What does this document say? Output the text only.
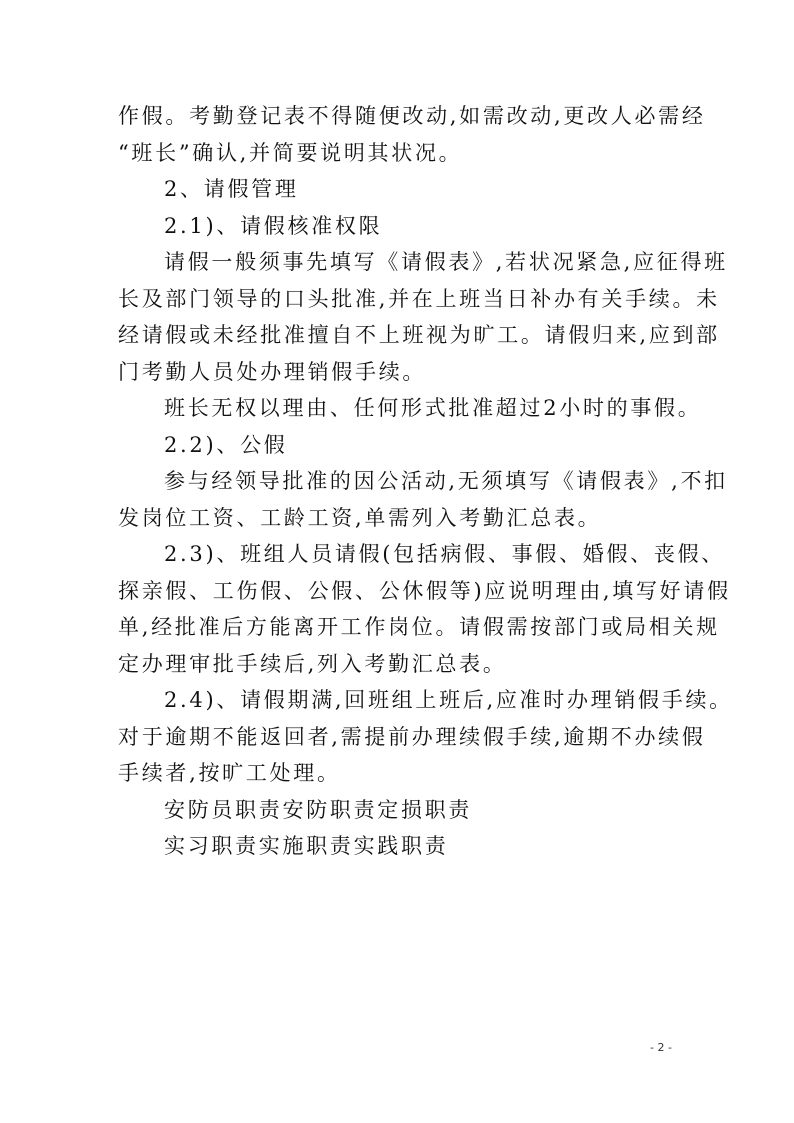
作假。考勤登记表不得随便改动,如需改动,更改人必需经

“班长”确认,并简要说明其状况。

2、请假管理

2.1)、请假核准权限

请假一般须事先填写《请假表》,若状况紧急,应征得班

长及部门领导的口头批准,并在上班当日补办有关手续。未

经请假或未经批准擅自不上班视为旷工。请假归来,应到部

门考勤人员处办理销假手续。

班长无权以理由、任何形式批准超过2小时的事假。

2.2)、公假

参与经领导批准的因公活动,无须填写《请假表》,不扣

发岗位工资、工龄工资,单需列入考勤汇总表。

2.3)、班组人员请假(包括病假、事假、婚假、丧假、

探亲假、工伤假、公假、公休假等)应说明理由,填写好请假

单,经批准后方能离开工作岗位。请假需按部门或局相关规

定办理审批手续后,列入考勤汇总表。

2.4)、请假期满,回班组上班后,应准时办理销假手续。

对于逾期不能返回者,需提前办理续假手续,逾期不办续假

手续者,按旷工处理。

安防员职责安防职责定损职责

实习职责实施职责实践职责

- 2 -
